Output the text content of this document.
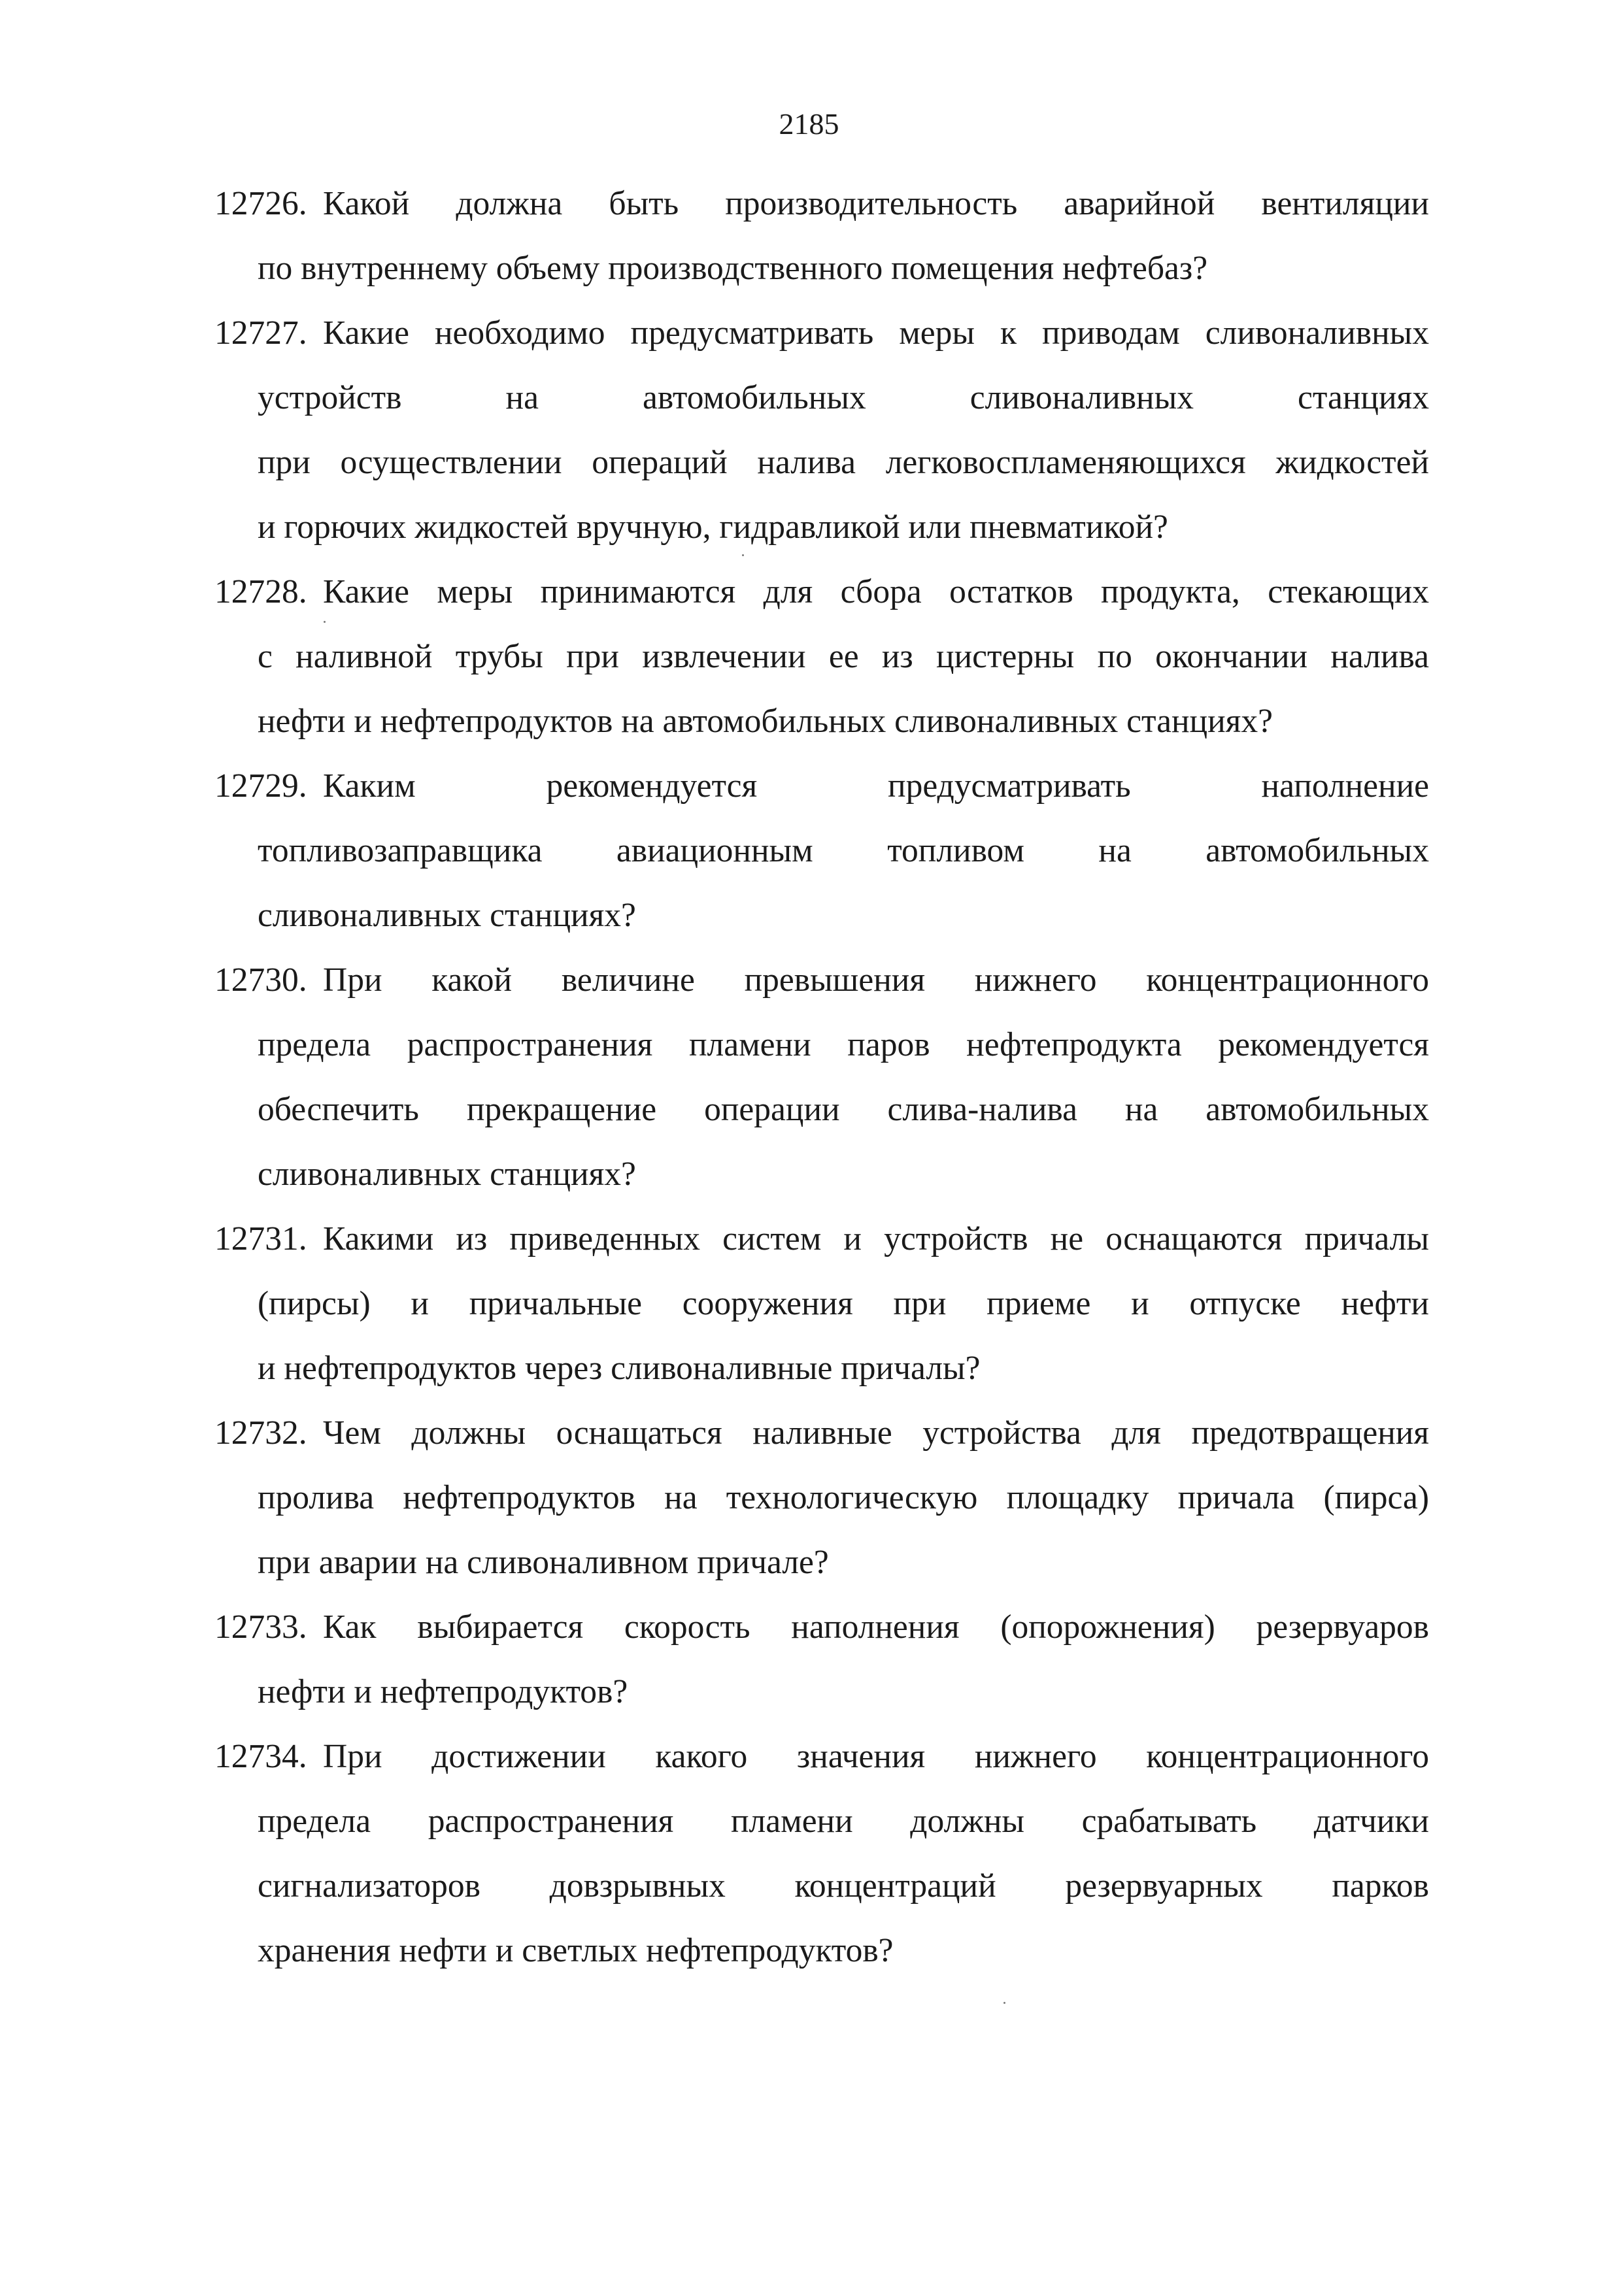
2185
12726. Какой должна быть производительность аварийной вентиляции
по внутреннему объему производственного помещения нефтебаз?
12727. Какие необходимо предусматривать меры к приводам сливоналивных
устройств на автомобильных сливоналивных станциях
при осуществлении операций налива легковоспламеняющихся жидкостей
и горючих жидкостей вручную, гидравликой или пневматикой?
12728. Какие меры принимаются для сбора остатков продукта, стекающих
с наливной трубы при извлечении ее из цистерны по окончании налива
нефти и нефтепродуктов на автомобильных сливоналивных станциях?
12729. Каким рекомендуется предусматривать наполнение
топливозаправщика авиационным топливом на автомобильных
сливоналивных станциях?
12730. При какой величине превышения нижнего концентрационного
предела распространения пламени паров нефтепродукта рекомендуется
обеспечить прекращение операции слива-налива на автомобильных
сливоналивных станциях?
12731. Какими из приведенных систем и устройств не оснащаются причалы
(пирсы) и причальные сооружения при приеме и отпуске нефти
и нефтепродуктов через сливоналивные причалы?
12732. Чем должны оснащаться наливные устройства для предотвращения
пролива нефтепродуктов на технологическую площадку причала (пирса)
при аварии на сливоналивном причале?
12733. Как выбирается скорость наполнения (опорожнения) резервуаров
нефти и нефтепродуктов?
12734. При достижении какого значения нижнего концентрационного
предела распространения пламени должны срабатывать датчики
сигнализаторов довзрывных концентраций резервуарных парков
хранения нефти и светлых нефтепродуктов?
